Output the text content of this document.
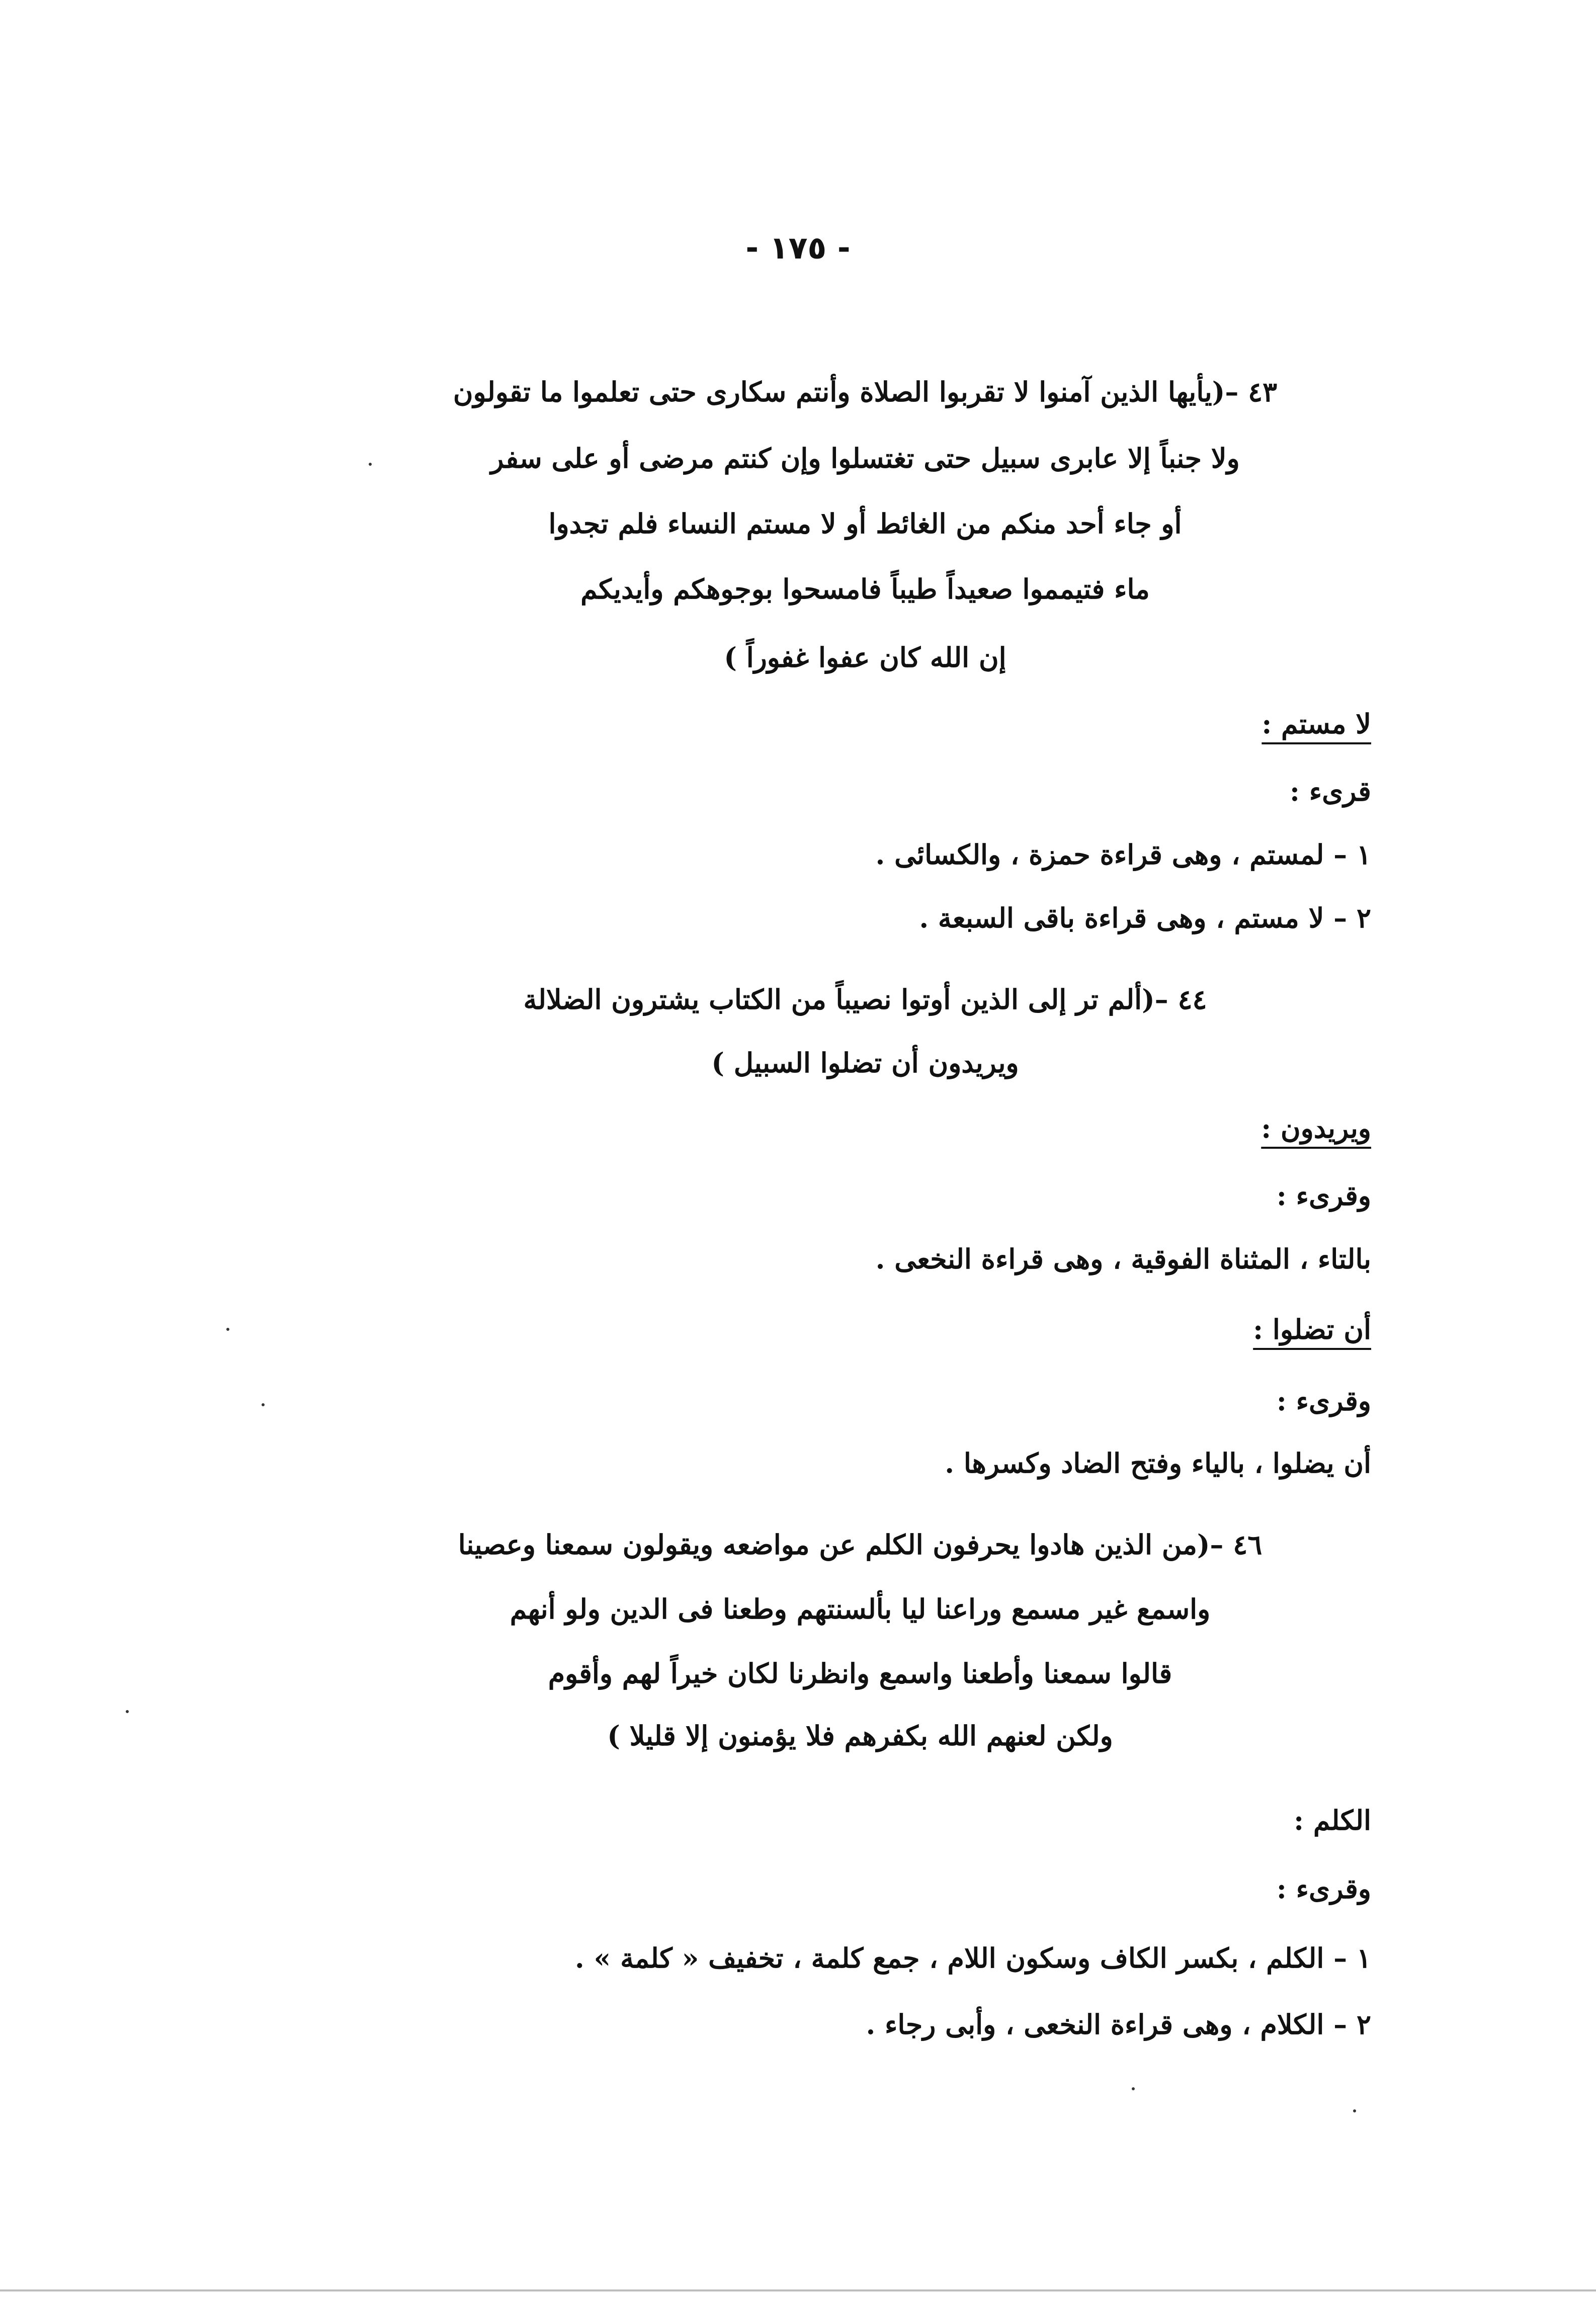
- ١٧٥ -
٤٣ –(يأيها الذين آمنوا لا تقربوا الصلاة وأنتم سكارى حتى تعلموا ما تقولون
ولا جنباً إلا عابرى سبيل حتى تغتسلوا وإن كنتم مرضى أو على سفر
أو جاء أحد منكم من الغائط أو لا مستم النساء فلم تجدوا
ماء فتيمموا صعيداً طيباً فامسحوا بوجوهكم وأيديكم
إن الله كان عفوا غفوراً )
لا مستم :
قرىء :
١ – لمستم ، وهى قراءة حمزة ، والكسائى .
٢ – لا مستم ، وهى قراءة باقى السبعة .
٤٤ –(ألم تر إلى الذين أوتوا نصيباً من الكتاب يشترون الضلالة
ويريدون أن تضلوا السبيل )
ويريدون :
وقرىء :
بالتاء ، المثناة الفوقية ، وهى قراءة النخعى .
أن تضلوا :
وقرىء :
أن يضلوا ، بالياء وفتح الضاد وكسرها .
٤٦ –(من الذين هادوا يحرفون الكلم عن مواضعه ويقولون سمعنا وعصينا
واسمع غير مسمع وراعنا ليا بألسنتهم وطعنا فى الدين ولو أنهم
قالوا سمعنا وأطعنا واسمع وانظرنا لكان خيراً لهم وأقوم
ولكن لعنهم الله بكفرهم فلا يؤمنون إلا قليلا )
الكلم :
وقرىء :
١ – الكلم ، بكسر الكاف وسكون اللام ، جمع كلمة ، تخفيف « كلمة » .
٢ – الكلام ، وهى قراءة النخعى ، وأبى رجاء .
